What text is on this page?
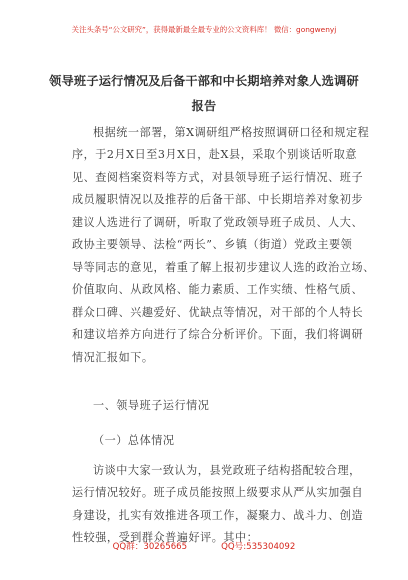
关注头条号“公文研究”，获得最新最全最专业的公文资料库！ 微信：gongwenyj
领导班子运行情况及后备干部和中长期培养对象人选调研
报告
根据统一部署，第X调研组严格按照调研口径和规定程
序，于2月X日至3月X日，赴X县，采取个别谈话听取意
见、查阅档案资料等方式，对县领导班子运行情况、班子
成员履职情况以及推荐的后备干部、中长期培养对象初步
建议人选进行了调研，听取了党政领导班子成员、人大、
政协主要领导、法检“两长”、乡镇（街道）党政主要领
导等同志的意见，着重了解上报初步建议人选的政治立场、
价值取向、从政风格、能力素质、工作实绩、性格气质、
群众口碑、兴趣爱好、优缺点等情况，对干部的个人特长
和建议培养方向进行了综合分析评价。下面，我们将调研
情况汇报如下。
一、领导班子运行情况
（一）总体情况
访谈中大家一致认为，县党政班子结构搭配较合理，
运行情况较好。班子成员能按照上级要求从严从实加强自
身建设，扎实有效推进各项工作，凝聚力、战斗力、创造
性较强，受到群众普遍好评。其中：
QQ群：30265665	QQ号:535304092
